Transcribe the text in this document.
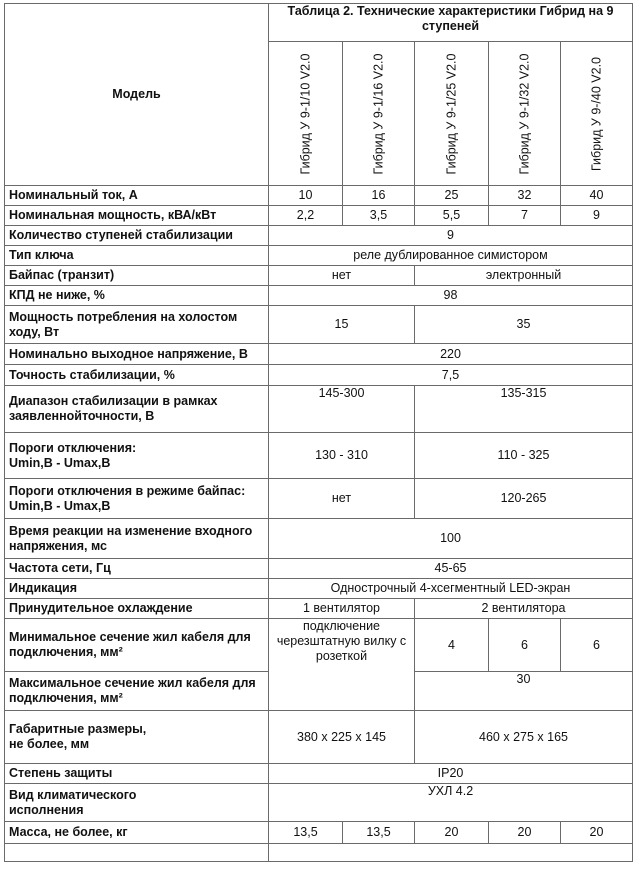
Модель	Таблица 2. Технические характеристики Гибрид на 9 ступеней				

	Гибрид У 9-1/10 V2.0	Гибрид У 9-1/16 V2.0	Гибрид У 9-1/25 V2.0	Гибрид У 9-1/32 V2.0	Гибрид У 9-/40 V2.0

Номинальный ток, А	10	16	25	32	40
Номинальная мощность, кВА/кВт	2,2	3,5	5,5	7	9
Количество ступеней стабилизации	9				
Тип ключа	реле дублированное симистором				
Байпас (транзит)	нет		электронный		
КПД не ниже, %	98				
Мощность потребления на холостом ходу, Вт	15		35		
Номинально выходное напряжение, В	220				
Точность стабилизации, %	7,5				
Диапазон стабилизации в рамках заявленнойточности, В	145-300		135-315		

Пороги отключения:
Umin,В - Umax,В	130 - 310		110 - 325		

Пороги отключения в режиме байпас:
Umin,В - Umax,В	нет		120-265		
Время реакции на изменение входного напряжения, мс	100				
Частота сети, Гц	45-65				
Индикация	Однострочный 4-хсегментный LED-экран				
Принудительное охлаждение	1 вентилятор		2 вентилятора		
Минимальное сечение жил кабеля для подключения, мм²	подключение черезштатную вилку с розеткой		4	6	6
Максимальное сечение жил кабеля для подключения, мм²			30		

Габаритные размеры,
не более, мм	380 x 225 x 145		460 x 275 x 165		
Степень защиты	IP20				

Вид климатического
исполнения	УХЛ 4.2				
Масса, не более, кг	13,5	13,5	20	20	20
